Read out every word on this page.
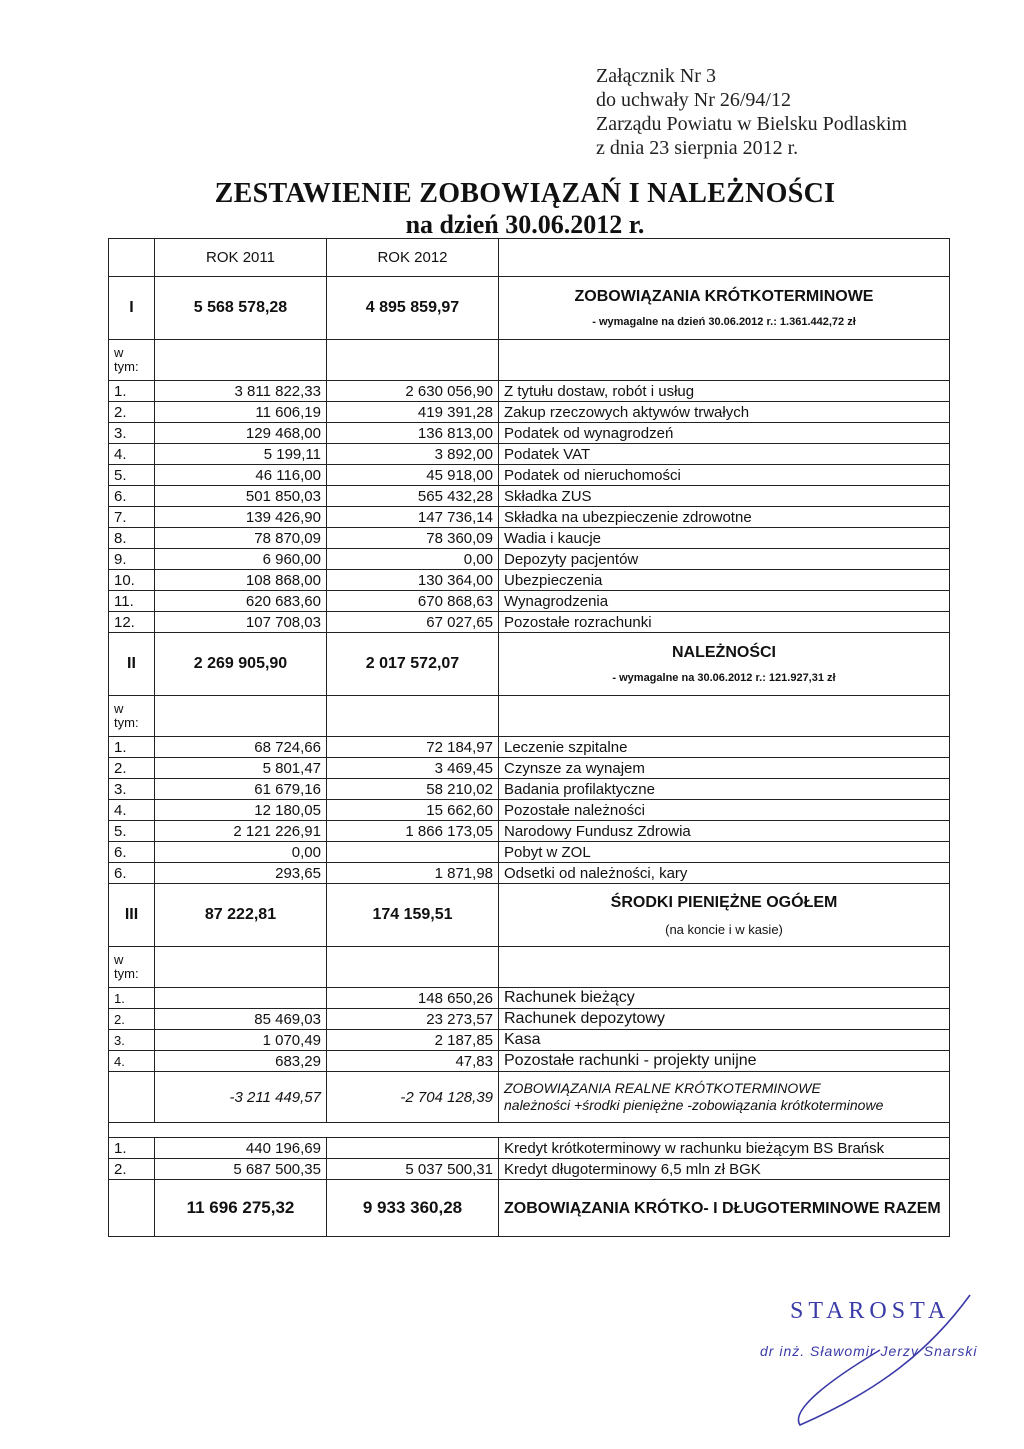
Załącznik Nr 3
do uchwały Nr 26/94/12
Zarządu Powiatu w Bielsku Podlaskim
z dnia 23 sierpnia 2012 r.
ZESTAWIENIE ZOBOWIĄZAŃ I NALEŻNOŚCI
na dzień 30.06.2012 r.
	ROK 2011	ROK 2012	
I	5 568 578,28	4 895 859,97	ZOBOWIĄZANIA KRÓTKOTERMINOWE
- wymagalne na dzień 30.06.2012 r.: 1.361.442,72 zł

w tym:			
1.	3 811 822,33	2 630 056,90	Z tytułu dostaw, robót i usług
2.	11 606,19	419 391,28	Zakup rzeczowych aktywów trwałych
3.	129 468,00	136 813,00	Podatek od wynagrodzeń
4.	5 199,11	3 892,00	Podatek VAT
5.	46 116,00	45 918,00	Podatek od nieruchomości
6.	501 850,03	565 432,28	Składka ZUS
7.	139 426,90	147 736,14	Składka na ubezpieczenie zdrowotne
8.	78 870,09	78 360,09	Wadia i kaucje
9.	6 960,00	0,00	Depozyty pacjentów
10.	108 868,00	130 364,00	Ubezpieczenia
11.	620 683,60	670 868,63	Wynagrodzenia
12.	107 708,03	67 027,65	Pozostałe rozrachunki
II	2 269 905,90	2 017 572,07	NALEŻNOŚCI
- wymagalne na 30.06.2012 r.: 121.927,31 zł

w tym:			
1.	68 724,66	72 184,97	Leczenie szpitalne
2.	5 801,47	3 469,45	Czynsze za wynajem
3.	61 679,16	58 210,02	Badania profilaktyczne
4.	12 180,05	15 662,60	Pozostałe należności
5.	2 121 226,91	1 866 173,05	Narodowy Fundusz Zdrowia
6.	0,00		Pobyt w ZOL
6.	293,65	1 871,98	Odsetki od należności, kary
III	87 222,81	174 159,51	ŚRODKI PIENIĘŻNE OGÓŁEM
(na koncie i w kasie)

w tym:			
1.		148 650,26	Rachunek bieżący
2.	85 469,03	23 273,57	Rachunek depozytowy
3.	1 070,49	2 187,85	Kasa
4.	683,29	47,83	Pozostałe rachunki - projekty unijne
	-3 211 449,57	-2 704 128,39	ZOBOWIĄZANIA REALNE KRÓTKOTERMINOWE
należności +środki pieniężne -zobowiązania krótkoterminowe

1.	440 196,69		Kredyt krótkoterminowy w rachunku bieżącym BS Brańsk
2.	5 687 500,35	5 037 500,31	Kredyt długoterminowy 6,5 mln zł BGK
	11 696 275,32	9 933 360,28	ZOBOWIĄZANIA KRÓTKO- I DŁUGOTERMINOWE RAZEM
STAROSTA
dr inż. Sławomir Jerzy Snarski
